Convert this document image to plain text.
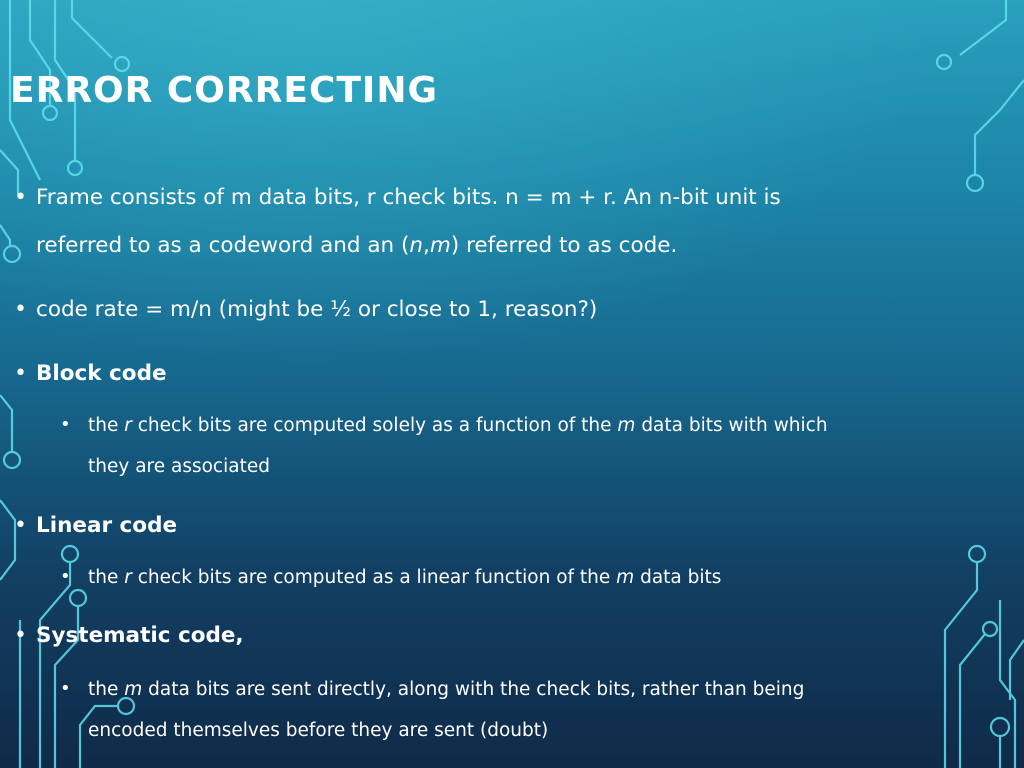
ERROR CORRECTING
• Frame consists of m data bits, r check bits. n = m + r. An n-bit unit is
referred to as a codeword and an (n,m) referred to as code.
• code rate = m/n (might be ½ or close to 1, reason?)
• Block code
• the r check bits are computed solely as a function of the m data bits with which
they are associated
• Linear code
• the r check bits are computed as a linear function of the m data bits
• Systematic code,
• the m data bits are sent directly, along with the check bits, rather than being
encoded themselves before they are sent (doubt)
